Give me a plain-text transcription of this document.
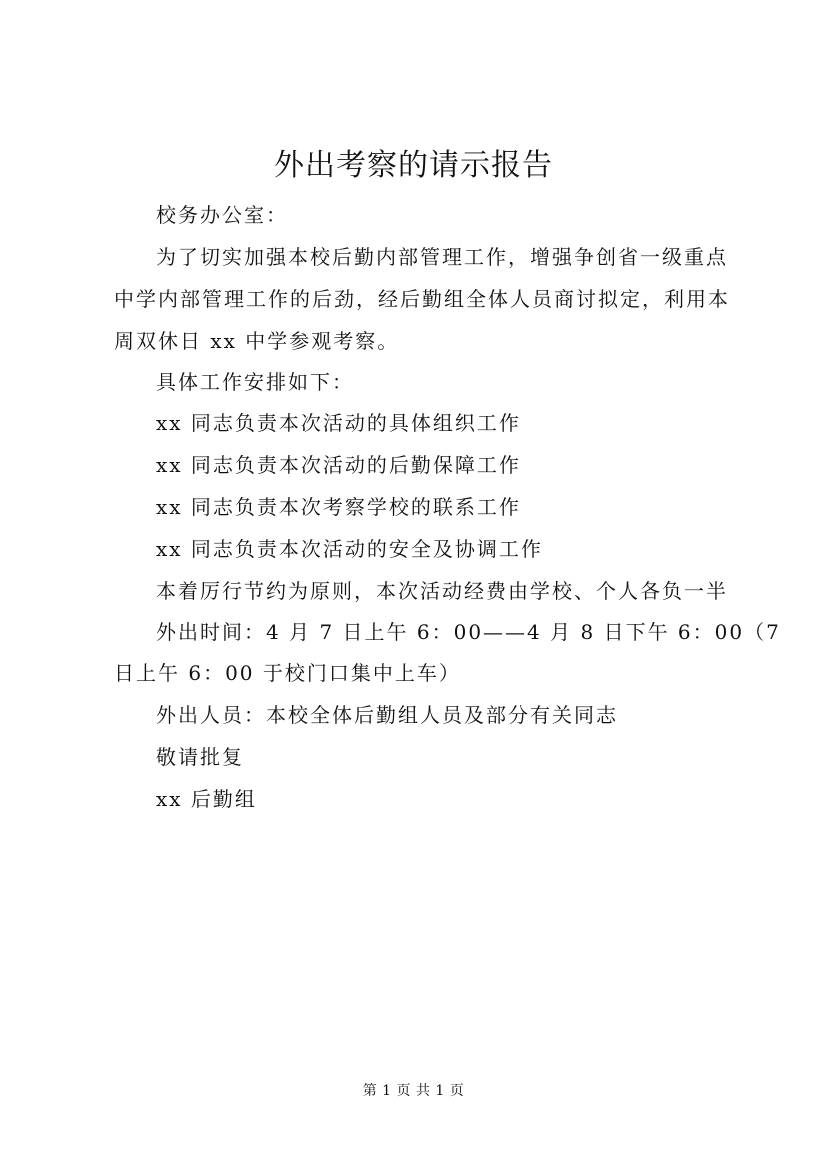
外出考察的请示报告
校务办公室：
为了切实加强本校后勤内部管理工作，增强争创省一级重点
中学内部管理工作的后劲，经后勤组全体人员商讨拟定，利用本
周双休日 xx 中学参观考察。
具体工作安排如下：
xx 同志负责本次活动的具体组织工作
xx 同志负责本次活动的后勤保障工作
xx 同志负责本次考察学校的联系工作
xx 同志负责本次活动的安全及协调工作
本着厉行节约为原则，本次活动经费由学校、个人各负一半
外出时间：4 月 7 日上午 6：00——4 月 8 日下午 6：00（7
日上午 6：00 于校门口集中上车）
外出人员：本校全体后勤组人员及部分有关同志
敬请批复
xx 后勤组
第 1 页 共 1 页
